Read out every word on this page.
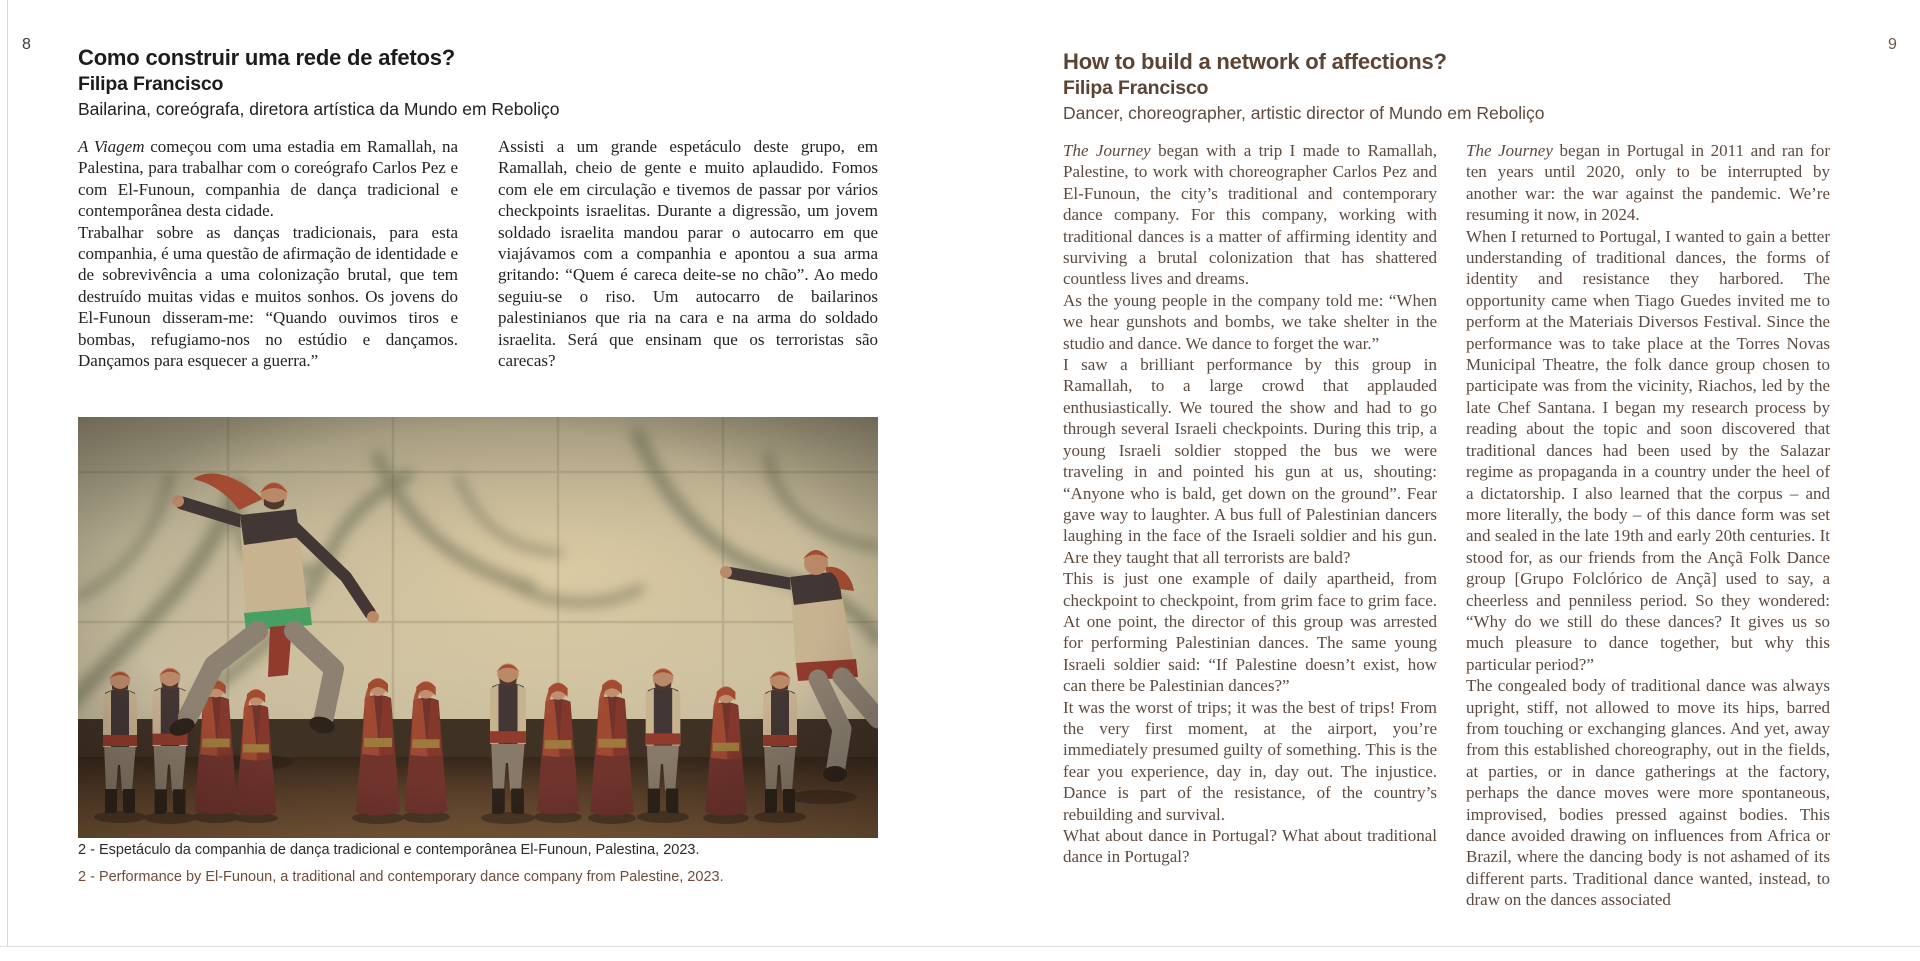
8	9
Como construir uma rede de afetos?
Filipa Francisco
Bailarina, coreógrafa, diretora artística da Mundo em Reboliço

A Viagem começou com uma estadia em Ramallah, na Palestina, para trabalhar com o coreógrafo Carlos Pez e com El-Funoun, companhia de dança tradicional e contemporânea desta cidade.

Trabalhar sobre as danças tradicionais, para esta companhia, é uma questão de afirmação de identidade e de sobrevivência a uma colonização brutal, que tem destruído muitas vidas e muitos sonhos. Os jovens do El-Funoun disseram-me: “Quando ouvimos tiros e bombas, refugiamo-nos no estúdio e dançamos. Dançamos para esquecer a guerra.”

Assisti a um grande espetáculo deste grupo, em Ramallah, cheio de gente e muito aplaudido. Fomos com ele em circulação e tivemos de passar por vários checkpoints israelitas. Durante a digressão, um jovem soldado israelita mandou parar o autocarro em que viajávamos com a companhia e apontou a sua arma gritando: “Quem é careca deite-se no chão”. Ao medo seguiu-se o riso. Um autocarro de bailarinos palestinianos que ria na cara e na arma do soldado israelita. Será que ensinam que os terroristas são carecas?

2 - Espetáculo da companhia de dança tradicional e contemporânea El-Funoun, Palestina, 2023.
2 - Performance by El-Funoun, a traditional and contemporary dance company from Palestine, 2023.
How to build a network of affections?
Filipa Francisco
Dancer, choreographer, artistic director of Mundo em Reboliço

The Journey began with a trip I made to Ramallah, Palestine, to work with choreographer Carlos Pez and El-Funoun, the city’s traditional and contemporary dance company. For this company, working with traditional dances is a matter of affirming identity and surviving a brutal colonization that has shattered countless lives and dreams.

As the young people in the company told me: “When we hear gunshots and bombs, we take shelter in the studio and dance. We dance to forget the war.”

I saw a brilliant performance by this group in Ramallah, to a large crowd that applauded enthusiastically. We toured the show and had to go through several Israeli checkpoints. During this trip, a young Israeli soldier stopped the bus we were traveling in and pointed his gun at us, shouting: “Anyone who is bald, get down on the ground”. Fear gave way to laughter. A bus full of Palestinian dancers laughing in the face of the Israeli soldier and his gun. Are they taught that all terrorists are bald?

This is just one example of daily apartheid, from checkpoint to checkpoint, from grim face to grim face. At one point, the director of this group was arrested for performing Palestinian dances. The same young Israeli soldier said: “If Palestine doesn’t exist, how can there be Palestinian dances?”

It was the worst of trips; it was the best of trips! From the very first moment, at the airport, you’re immediately presumed guilty of something. This is the fear you experience, day in, day out. The injustice. Dance is part of the resistance, of the country’s rebuilding and survival.

What about dance in Portugal? What about traditional dance in Portugal?

The Journey began in Portugal in 2011 and ran for ten years until 2020, only to be interrupted by another war: the war against the pandemic. We’re resuming it now, in 2024.

When I returned to Portugal, I wanted to gain a better understanding of traditional dances, the forms of identity and resistance they harbored. The opportunity came when Tiago Guedes invited me to perform at the Materiais Diversos Festival. Since the performance was to take place at the Torres Novas Municipal Theatre, the folk dance group chosen to participate was from the vicinity, Riachos, led by the late Chef Santana. I began my research process by reading about the topic and soon discovered that traditional dances had been used by the Salazar regime as propaganda in a country under the heel of a dictatorship. I also learned that the corpus – and more literally, the body – of this dance form was set and sealed in the late 19th and early 20th centuries. It stood for, as our friends from the Ançã Folk Dance group [Grupo Folclórico de Ançã] used to say, a cheerless and penniless period. So they wondered: “Why do we still do these dances? It gives us so much pleasure to dance together, but why this particular period?”

The congealed body of traditional dance was always upright, stiff, not allowed to move its hips, barred from touching or exchanging glances. And yet, away from this established choreography, out in the fields, at parties, or in dance gatherings at the factory, perhaps the dance moves were more spontaneous, improvised, bodies pressed against bodies. This dance avoided drawing on influences from Africa or Brazil, where the dancing body is not ashamed of its different parts. Traditional dance wanted, instead, to draw on the dances associated
